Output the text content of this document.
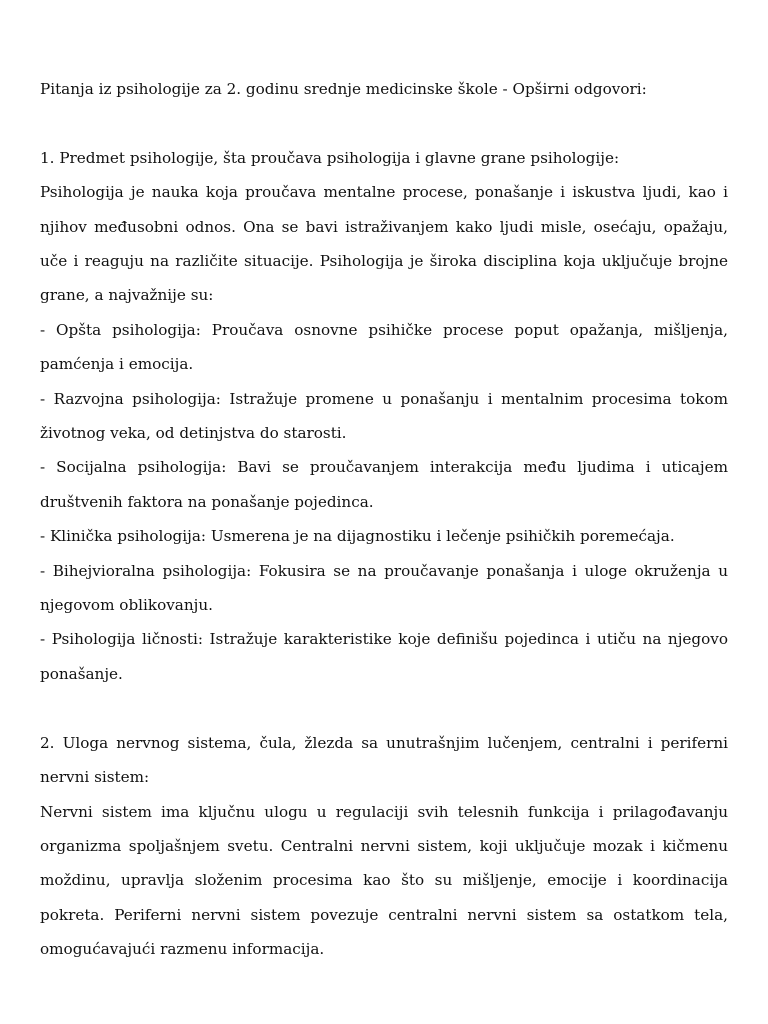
Pitanja iz psihologije za 2. godinu srednje medicinske škole - Opširni odgovori:

1. Predmet psihologije, šta proučava psihologija i glavne grane psihologije:

Psihologija je nauka koja proučava mentalne procese, ponašanje i iskustva ljudi, kao i njihov međusobni odnos. Ona se bavi istraživanjem kako ljudi misle, osećaju, opažaju, uče i reaguju na različite situacije. Psihologija je široka disciplina koja uključuje brojne grane, a najvažnije su:

- Opšta psihologija: Proučava osnovne psihičke procese poput opažanja, mišljenja, pamćenja i emocija.

- Razvojna psihologija: Istražuje promene u ponašanju i mentalnim procesima tokom životnog veka, od detinjstva do starosti.

- Socijalna psihologija: Bavi se proučavanjem interakcija među ljudima i uticajem društvenih faktora na ponašanje pojedinca.

- Klinička psihologija: Usmerena je na dijagnostiku i lečenje psihičkih poremećaja.

- Bihejvioralna psihologija: Fokusira se na proučavanje ponašanja i uloge okruženja u njegovom oblikovanju.

- Psihologija ličnosti: Istražuje karakteristike koje definišu pojedinca i utiču na njegovo ponašanje.

2. Uloga nervnog sistema, čula, žlezda sa unutrašnjim lučenjem, centralni i periferni nervni sistem:

Nervni sistem ima ključnu ulogu u regulaciji svih telesnih funkcija i prilagođavanju organizma spoljašnjem svetu. Centralni nervni sistem, koji uključuje mozak i kičmenu moždinu, upravlja složenim procesima kao što su mišljenje, emocije i koordinacija pokreta. Periferni nervni sistem povezuje centralni nervni sistem sa ostatkom tela, omogućavajući razmenu informacija.
